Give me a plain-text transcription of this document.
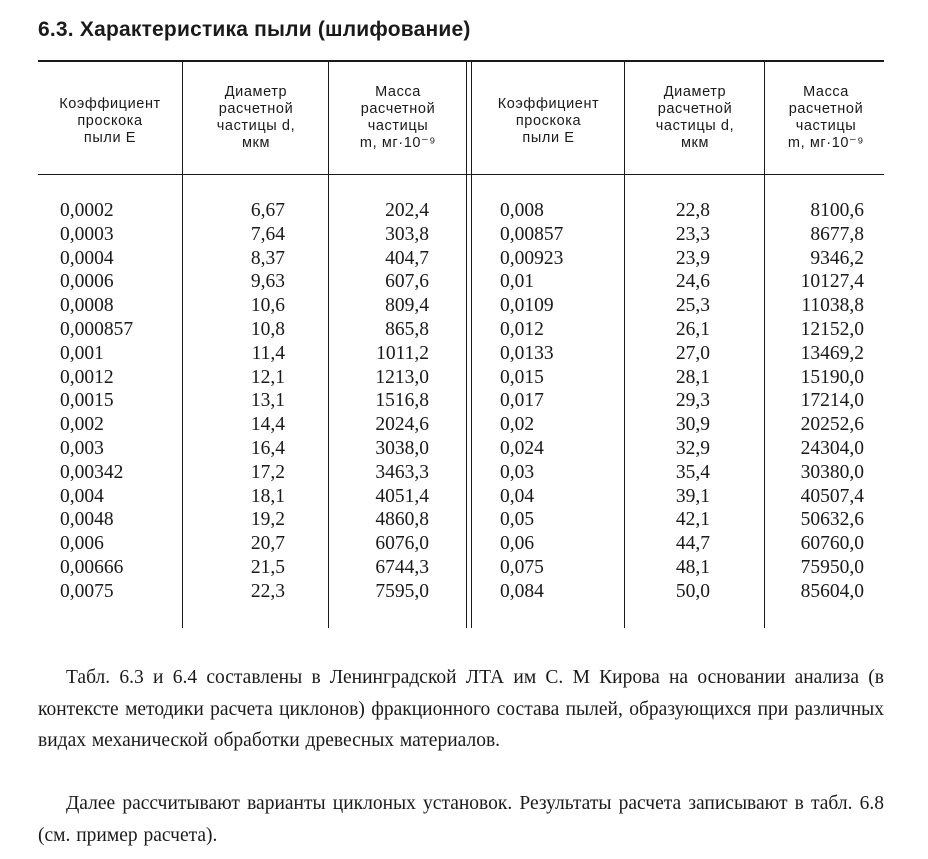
6.3. Характеристика пыли (шлифование)
Коэффициент
проскока
пыли E
Диаметр
расчетной
частицы d,
мкм
Масса
расчетной
частицы
m, мг·10⁻⁹
Коэффициент
проскока
пыли E
Диаметр
расчетной
частицы d,
мкм
Масса
расчетной
частицы
m, мг·10⁻⁹
0,0002
0,0003
0,0004
0,0006
0,0008
0,000857
0,001
0,0012
0,0015
0,002
0,003
0,00342
0,004
0,0048
0,006
0,00666
0,0075
6,67
7,64
8,37
9,63
10,6
10,8
11,4
12,1
13,1
14,4
16,4
17,2
18,1
19,2
20,7
21,5
22,3
202,4
303,8
404,7
607,6
809,4
865,8
1011,2
1213,0
1516,8
2024,6
3038,0
3463,3
4051,4
4860,8
6076,0
6744,3
7595,0
0,008
0,00857
0,00923
0,01
0,0109
0,012
0,0133
0,015
0,017
0,02
0,024
0,03
0,04
0,05
0,06
0,075
0,084
22,8
23,3
23,9
24,6
25,3
26,1
27,0
28,1
29,3
30,9
32,9
35,4
39,1
42,1
44,7
48,1
50,0
8100,6
8677,8
9346,2
10127,4
11038,8
12152,0
13469,2
15190,0
17214,0
20252,6
24304,0
30380,0
40507,4
50632,6
60760,0
75950,0
85604,0

Табл. 6.3 и 6.4 составлены в Ленинградской ЛТА им С. М Кирова на основании анализа (в контексте методики расчета циклонов) фракционного состава пылей, образующихся при различных видах механической обработки древесных материалов.

Далее рассчитывают варианты циклоных установок. Результаты расчета записывают в табл. 6.8 (см. пример расчета).
